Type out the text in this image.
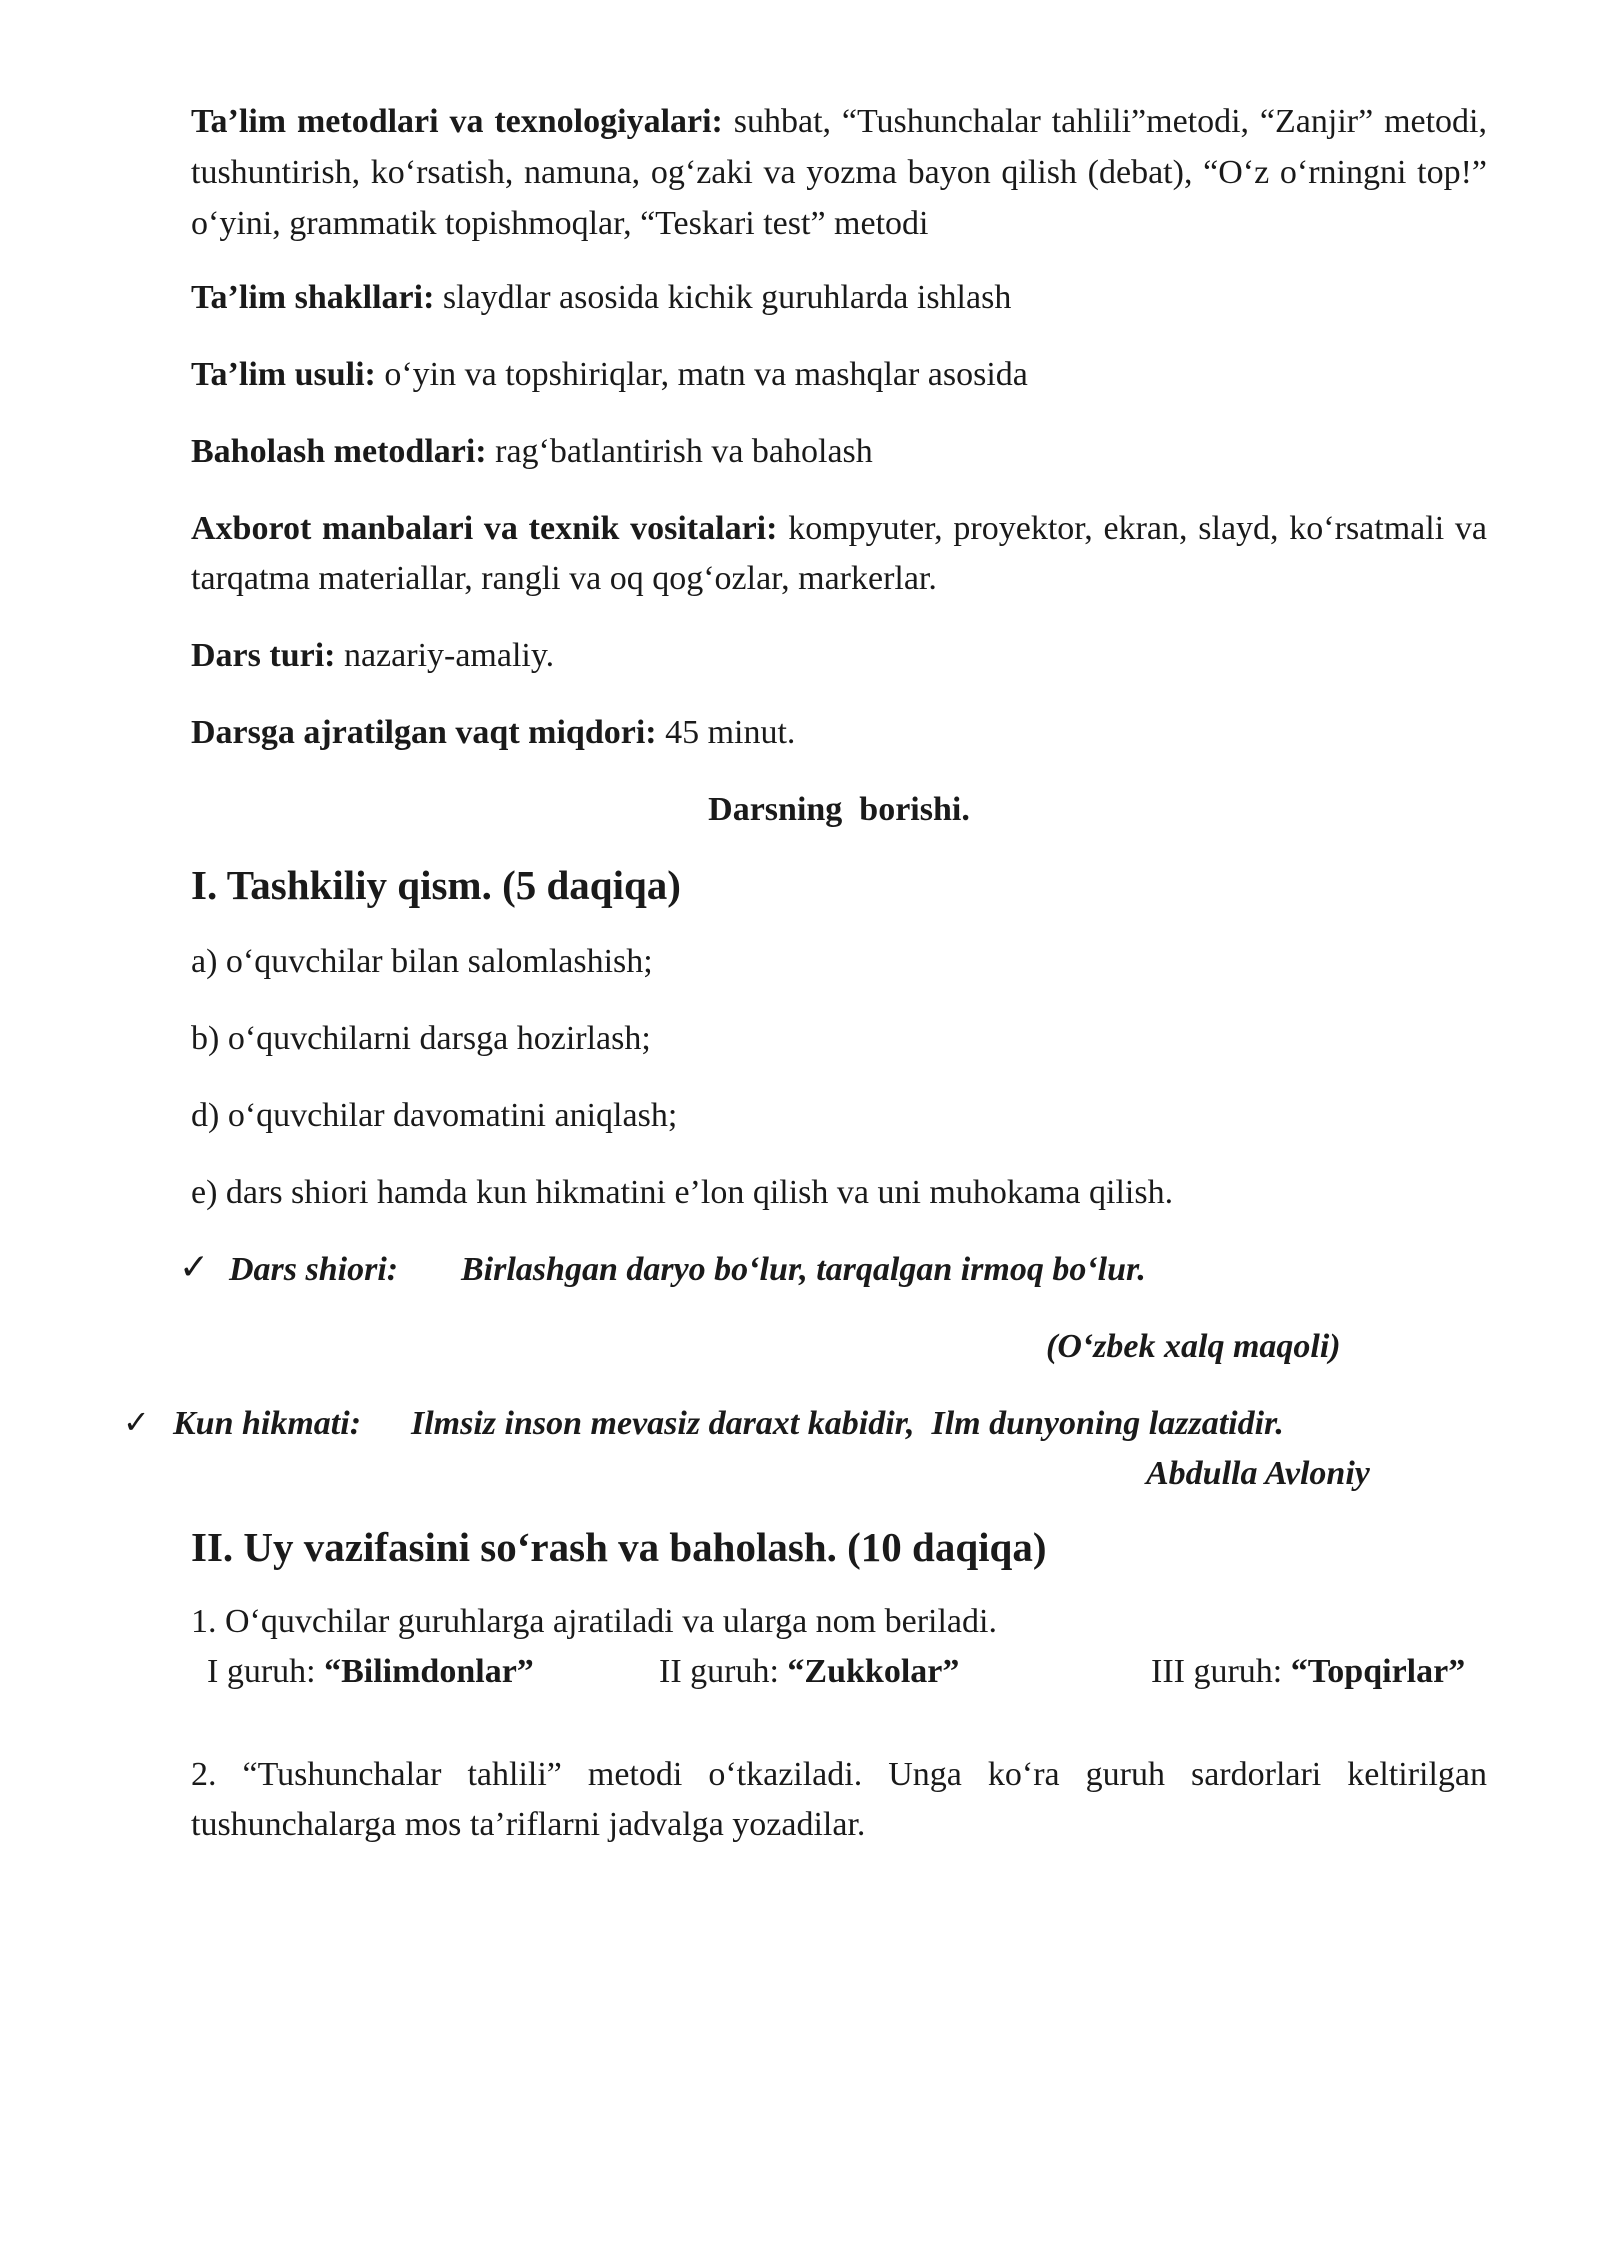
Ta’lim metodlari va texnologiyalari: suhbat, “Tushunchalar tahlili”metodi, “Zanjir” metodi, tushuntirish, ko‘rsatish, namuna, og‘zaki va yozma bayon qilish (debat), “O‘z o‘rningni top!” o‘yini, grammatik topishmoqlar, “Teskari test” metodi

Ta’lim shakllari: slaydlar asosida kichik guruhlarda ishlash

Ta’lim usuli: o‘yin va topshiriqlar, matn va mashqlar asosida

Baholash metodlari: rag‘batlantirish va baholash

Axborot manbalari va texnik vositalari: kompyuter, proyektor, ekran, slayd, ko‘rsatmali va tarqatma materiallar, rangli va oq qog‘ozlar, markerlar.

Dars turi: nazariy-amaliy.

Darsga ajratilgan vaqt miqdori: 45 minut.

Darsning  borishi.

I. Tashkiliy qism. (5 daqiqa)

a) o‘quvchilar bilan salomlashish;

b) o‘quvchilarni darsga hozirlash;

d) o‘quvchilar davomatini aniqlash;

e) dars shiori hamda kun hikmatini e’lon qilish va uni muhokama qilish.

✓ Dars shiori: Birlashgan daryo bo‘lur, tarqalgan irmoq bo‘lur.
(O‘zbek xalq maqoli)
✓ Kun hikmati: Ilmsiz inson mevasiz daraxt kabidir,  Ilm dunyoning lazzatidir.
Abdulla Avloniy
II. Uy vazifasini so‘rash va baholash. (10 daqiqa)

1. O‘quvchilar guruhlarga ajratiladi va ularga nom beriladi.

I guruh: “Bilimdonlar”	II guruh: “Zukkolar”	III guruh: “Topqirlar”

2. “Tushunchalar tahlili” metodi o‘tkaziladi. Unga ko‘ra guruh sardorlari keltirilgan tushunchalarga mos ta’riflarni jadvalga yozadilar.
